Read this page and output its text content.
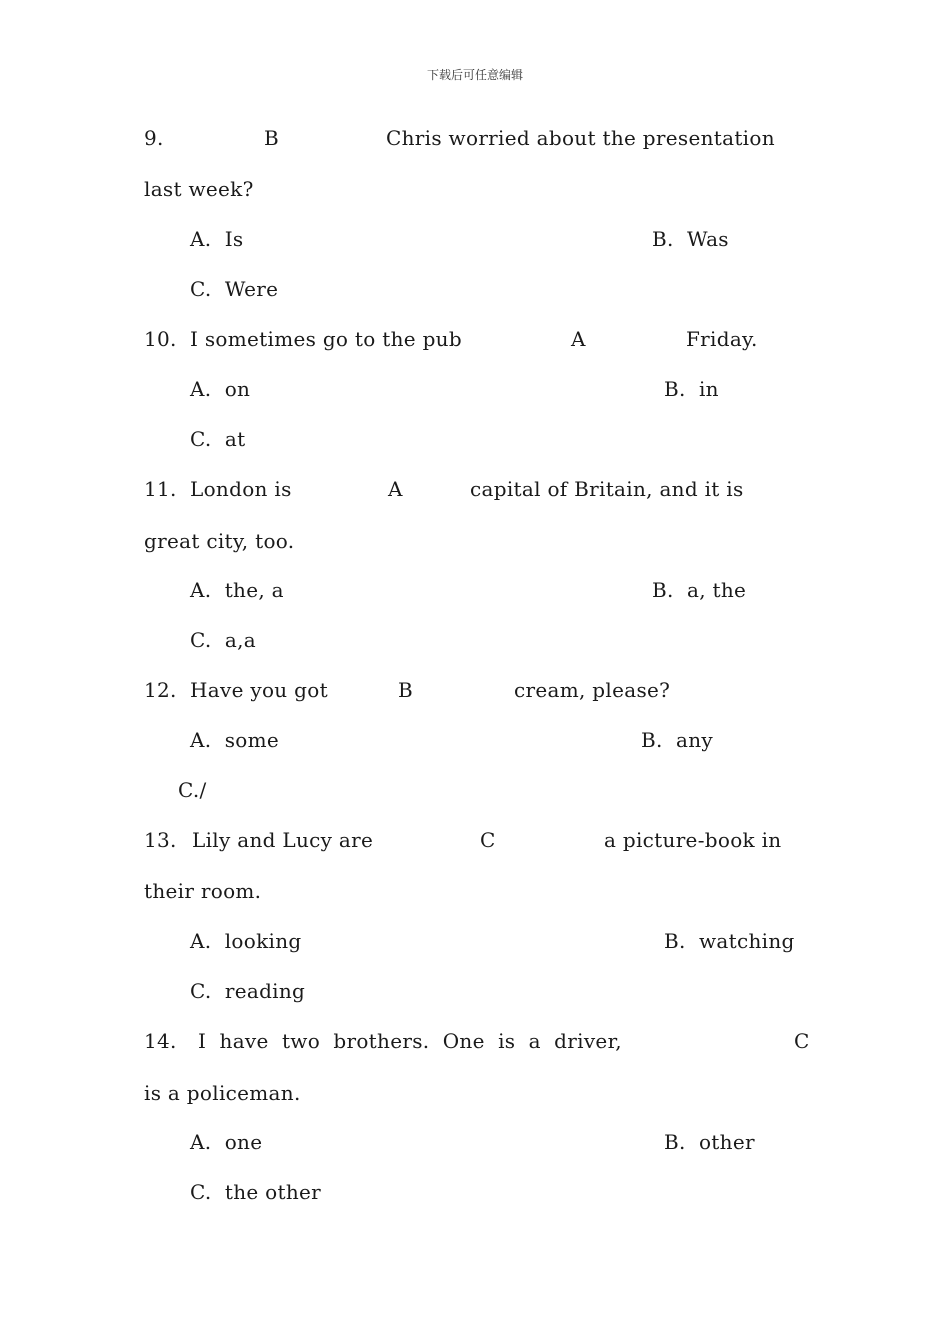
下载后可任意编辑
9.	B	Chris worried about the presentation
last week?
A.  Is	B.  Was
C.  Were
10. I sometimes go to the pub	A	Friday.
A.  on	B.  in
C.  at
11. London is	A	capital of Britain, and it is
great city, too.
A.  the, a	B.  a, the
C.  a,a
12. Have you got	B	cream, please?
A.  some	B.  any
C./
13. Lily and Lucy are	C	a picture-book in
their room.
A.  looking	B.  watching
C.  reading
14. I  have  two  brothers.  One  is  a  driver,	C
is a policeman.
A.  one	B.  other
C.  the other
